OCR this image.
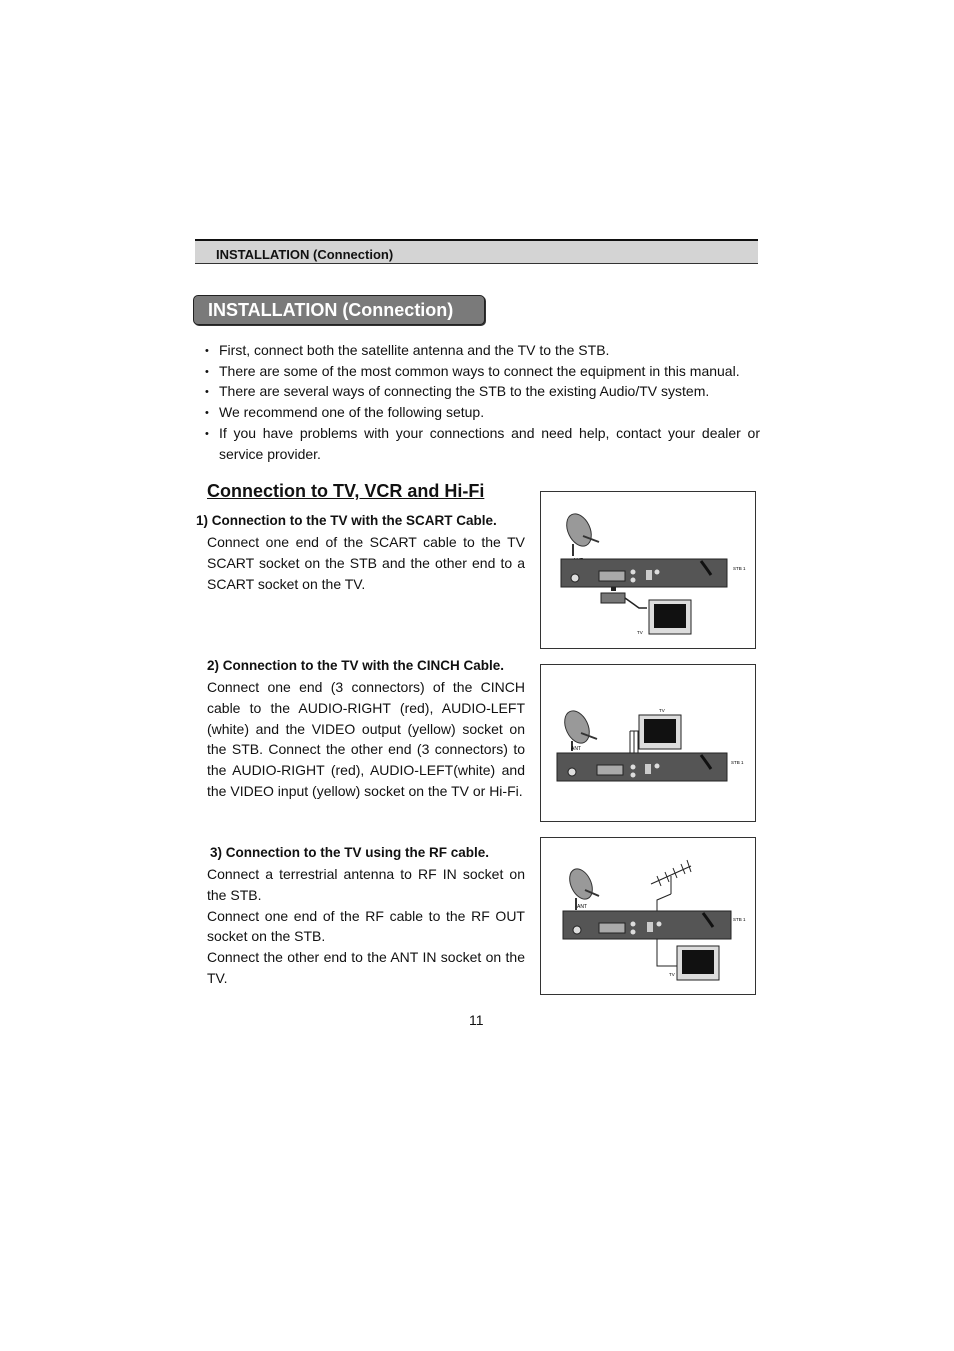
INSTALLATION (Connection)
INSTALLATION (Connection)
• First, connect both the satellite antenna and the TV to the STB.
• There are some of the most common ways to connect the equipment in this manual.
• There are several ways of connecting the STB to the existing Audio/TV system.
• We recommend one of the following setup.
• If you have problems with your connections and need help, contact your dealer or service provider.
Connection to TV, VCR and Hi-Fi
1) Connection to the TV with the SCART Cable.

Connect one end of the SCART cable to the TV SCART socket on the STB and the other end to a SCART socket on the TV.

2) Connection to the TV with the CINCH Cable.

Connect one end (3 connectors) of the CINCH cable to the AUDIO-RIGHT (red), AUDIO-LEFT (white) and the VIDEO output (yellow) socket on the STB. Connect the other end (3 connectors) to the AUDIO-RIGHT (red), AUDIO-LEFT(white) and the VIDEO input (yellow) socket on the TV or Hi-Fi.

3) Connection to the TV using the RF cable.

Connect a terrestrial antenna to RF IN socket on the STB.

Connect one end of the RF cable to the RF OUT socket on the STB.

Connect the other end to the ANT IN socket on the TV.

STB 1
TV
ANT
TV
STB 1
ANT
STB 1
TV
11
